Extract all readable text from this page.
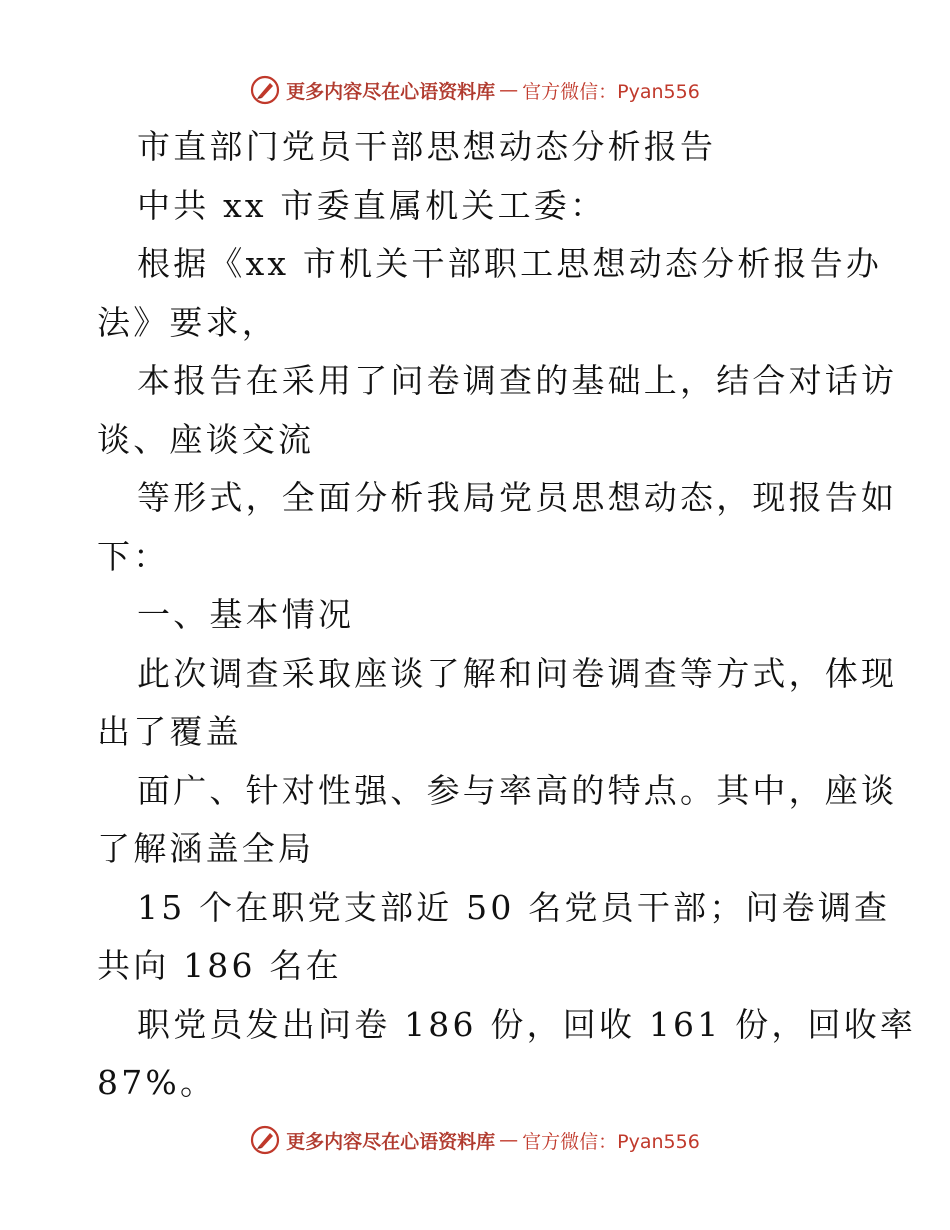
更多内容尽在心语资料库 — 官方微信：Pyan556
市直部门党员干部思想动态分析报告
中共 xx 市委直属机关工委：
根据《xx 市机关干部职工思想动态分析报告办
法》要求，
本报告在采用了问卷调查的基础上，结合对话访
谈、座谈交流
等形式，全面分析我局党员思想动态，现报告如
下：
一、基本情况
此次调查采取座谈了解和问卷调查等方式，体现
出了覆盖
面广、针对性强、参与率高的特点。其中，座谈
了解涵盖全局
15 个在职党支部近 50 名党员干部；问卷调查
共向 186 名在
职党员发出问卷 186 份，回收 161 份，回收率
87%。
更多内容尽在心语资料库 — 官方微信：Pyan556
